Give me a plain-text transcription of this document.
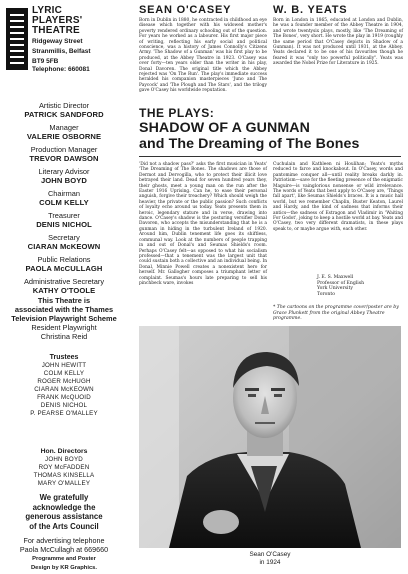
LYRIC
PLAYERS'
THEATRE
Ridgeway Street
Stranmillis, Belfast
BT9 5FB
Telephone: 660081
Artistic Director
PATRICK SANDFORD
Manager
VALERIE OSBORNE
Production Manager
TREVOR DAWSON
Literary Advisor
JOHN BOYD
Chairman
COLM KELLY
Treasurer
DENIS NICHOL
Secretary
CIARAN McKEOWN
Public Relations
PAOLA McCULLAGH
Administrative Secretary
KATHY O'TOOLE
This Theatre is
associated with the Thames
Television Playwright Scheme
Resident Playwright
Christina Reid
Trustees
JOHN HEWITT
COLM KELLY
ROGER McHUGH
CIARAN McKEOWN
FRANK McQUOID
DENIS NICHOL
P. PEARSE O'MALLEY
Hon. Directors
JOHN BOYD
ROY McFADDEN
THOMAS KINSELLA
MARY O'MALLEY
We gratefully
acknowledge the
generous assistance
of the Arts Council
For advertising telephone
Paola McCullagh at 669660
Programme and Poster
Design by KR Graphics.
SEAN O'CASEY
Born in Dublin in 1880, he contracted in childhood an eye disease which together with his widowed mother's poverty rendered ordinary schooling out of the question. For years he worked as a labourer. His first major piece of writing, reflecting his early social and political conscience, was a history of James Connolly's Citizens Army. 'The Shadow of a Gunman' was his first play to be produced, at the Abbey Theatre in 1923. O'Casey was over forty—ten years older than the writer in his play, Donal Davoren. The original title which the Abbey rejected was 'On The Run'. The play's immediate success heralded his companion masterpieces 'Juno and The Paycock' and 'The Plough and The Stars', and the trilogy gave O'Casey his worldwide reputation.
W. B. YEATS
Born in London in 1865, educated at London and Dublin, he was a founder member of the Abbey Theatre in 1904, and wrote twentysix plays, mostly, like 'The Dreaming of The Bones', very short. He wrote the play in 1919 (roughly the same period that O'Casey depicts in Shadow of a Gunman). It was not produced until 1931, at the Abbey. Yeats declared it to be one of his favourites though he feared it was "only too powerful politically". Yeats was awarded the Nobel Prize for Literature in 1925.
THE PLAYS:
SHADOW OF A GUNMAN
and The Dreaming of The Bones
'Did not a shadow pass?' asks the first musician in Yeats' 'The Dreaming of The Bones. The shadows are those of Dermot and Dervogilla, who to protect their illicit love betrayed their land. Dead for seven hundred years they, their ghosts, meet a young man on the run after the Easter 1916 Uprising. Can he, to ease their personal anguish, forgive their treachery? Which should weigh the heavier, the private or the public passion? Such conflicts of loyalty echo around us today. Yeats presents them in heroic, legendary stature and in verse, drawing into dance. O'Casey's shadow is the posturing versifier Donal Davoren, who accepts the misunderstanding that he is a gunman in hiding in the turbulent Ireland of 1920. Around him, Dublin tenement life goes its shiftless, communal way. Look at the numbers of people trapping in and out of Donal's and Seumas Shields's room. Perhaps O'Casey felt—as opposed to what his socialism professed—that a tenement was the largest unit that could sustain both a collective and an individual being. In Donal, Minnie Powell creates a nonexistent hero for herself. Mr. Gallogher composes a triumphant letter of complaint. Seumas's hours late preparing to sell his pinchbeck ware, invokes
Cuchulain and Kathleen ni Houlihan; Yeats's myths reduced to farce and knockabout. In O'Casey, words and pantomime conquer all—until reality breaks darkly in. Patriotism—save for the fleeting presence of the enigmatic Maguire—is vainglorious nonsense or wild irrelevance. The words of Yeats that best apply to O'Casey are, 'Things fall apart', like Seumas Shields's braces. It is a music hall world, but we remember Chaplin, Buster Keaton, Laurel and Hardy, and the kind of sadness that informs their antics—the sadness of Estragon and Vladimir in 'Waiting For Godot', joking to keep a hostile world at bay. Yeats and O'Casey, two very different dramatists, in these plays speak to, or maybe argue with, each other.
J. E. S. Maxwell
Professor of English
York University
Toronto
* The cartoons on the programme cover/poster are by Grace Plunkett from the original Abbey Theatre programme.
Sean O'Casey
in 1924
